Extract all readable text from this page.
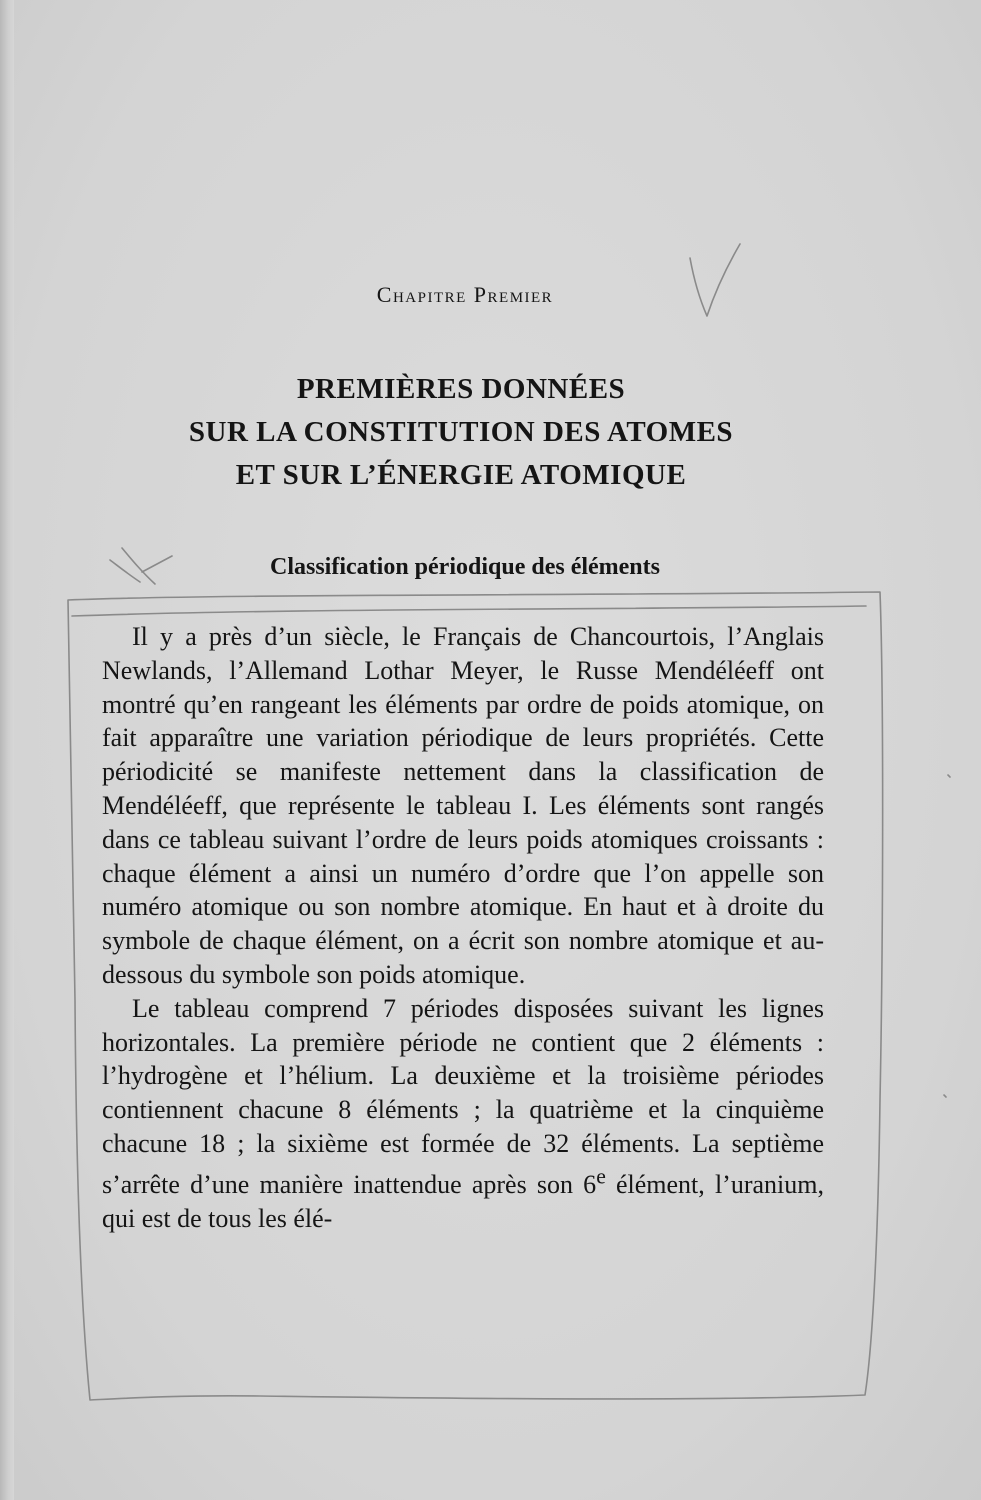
Chapitre Premier
PREMIÈRES DONNÉES
SUR LA CONSTITUTION DES ATOMES
ET SUR L’ÉNERGIE ATOMIQUE
Classification périodique des éléments

Il y a près d’un siècle, le Français de Chancourtois, l’Anglais Newlands, l’Allemand Lothar Meyer, le Russe Mendéléeff ont montré qu’en rangeant les éléments par ordre de poids atomique, on fait apparaître une variation périodique de leurs propriétés. Cette périodicité se manifeste nettement dans la classification de Mendéléeff, que représente le tableau I. Les éléments sont rangés dans ce tableau suivant l’ordre de leurs poids atomiques croissants : chaque élément a ainsi un numéro d’ordre que l’on appelle son numéro atomique ou son nombre atomique. En haut et à droite du symbole de chaque élément, on a écrit son nombre atomique et au-dessous du symbole son poids atomique.

Le tableau comprend 7 périodes disposées suivant les lignes horizontales. La première période ne contient que 2 éléments : l’hydrogène et l’hélium. La deuxième et la troisième périodes contiennent chacune 8 éléments ; la quatrième et la cinquième chacune 18 ; la sixième est formée de 32 éléments. La septième s’arrête d’une manière inattendue après son 6e élément, l’uranium, qui est de tous les élé-
